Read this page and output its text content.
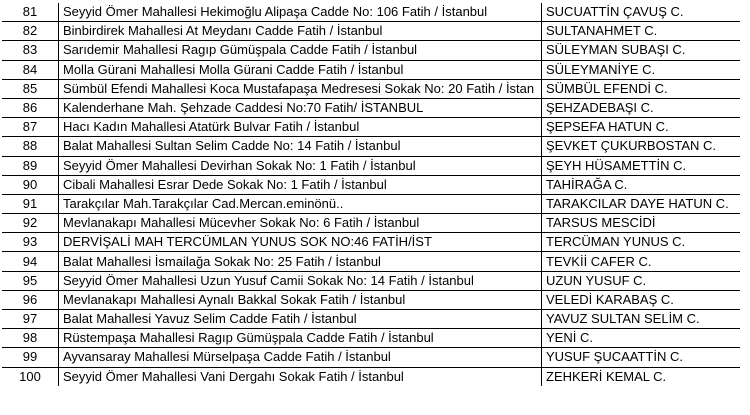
81	Seyyid Ömer Mahallesi Hekimoğlu Alipaşa Cadde No: 106 Fatih / İstanbul	SUCUATTİN ÇAVUŞ C.
82	Binbirdirek Mahallesi At Meydanı Cadde Fatih / İstanbul	SULTANAHMET C.
83	Sarıdemir Mahallesi Ragıp Gümüşpala Cadde Fatih / İstanbul	SÜLEYMAN SUBAŞI C.
84	Molla Gürani Mahallesi Molla Gürani Cadde Fatih / İstanbul	SÜLEYMANİYE C.
85	Sümbül Efendi Mahallesi Koca Mustafapaşa Medresesi Sokak No: 20 Fatih / İstan	SÜMBÜL EFENDİ C.
86	Kalenderhane Mah. Şehzade Caddesi No:70 Fatih/ İSTANBUL	ŞEHZADEBAŞI C.
87	Hacı Kadın Mahallesi Atatürk Bulvar Fatih / İstanbul	ŞEPSEFA HATUN C.
88	Balat Mahallesi Sultan Selim Cadde No: 14 Fatih / İstanbul	ŞEVKET ÇUKURBOSTAN C.
89	Seyyid Ömer Mahallesi Devirhan Sokak No: 1 Fatih / İstanbul	ŞEYH HÜSAMETTİN C.
90	Cibali Mahallesi Esrar Dede Sokak No: 1 Fatih / İstanbul	TAHİRAĞA C.
91	Tarakçılar Mah.Tarakçılar Cad.Mercan.eminönü..	TARAKCILAR DAYE HATUN C.
92	Mevlanakapı Mahallesi Mücevher Sokak No: 6 Fatih / İstanbul	TARSUS MESCİDİ
93	DERVİŞALİ MAH TERCÜMLAN YUNUS SOK NO:46 FATİH/İST	TERCÜMAN YUNUS C.
94	Balat Mahallesi İsmailağa Sokak No: 25 Fatih / İstanbul	TEVKİİ CAFER C.
95	Seyyid Ömer Mahallesi Uzun Yusuf Camii Sokak No: 14 Fatih / İstanbul	UZUN YUSUF C.
96	Mevlanakapı Mahallesi Aynalı Bakkal Sokak Fatih / İstanbul	VELEDİ KARABAŞ C.
97	Balat Mahallesi Yavuz Selim Cadde Fatih / İstanbul	YAVUZ SULTAN SELİM C.
98	Rüstempaşa Mahallesi Ragıp Gümüşpala Cadde Fatih / İstanbul	YENİ C.
99	Ayvansaray Mahallesi Mürselpaşa Cadde Fatih / İstanbul	YUSUF ŞUCAATTİN C.
100	Seyyid Ömer Mahallesi Vani Dergahı Sokak Fatih / İstanbul	ZEHKERİ KEMAL C.
